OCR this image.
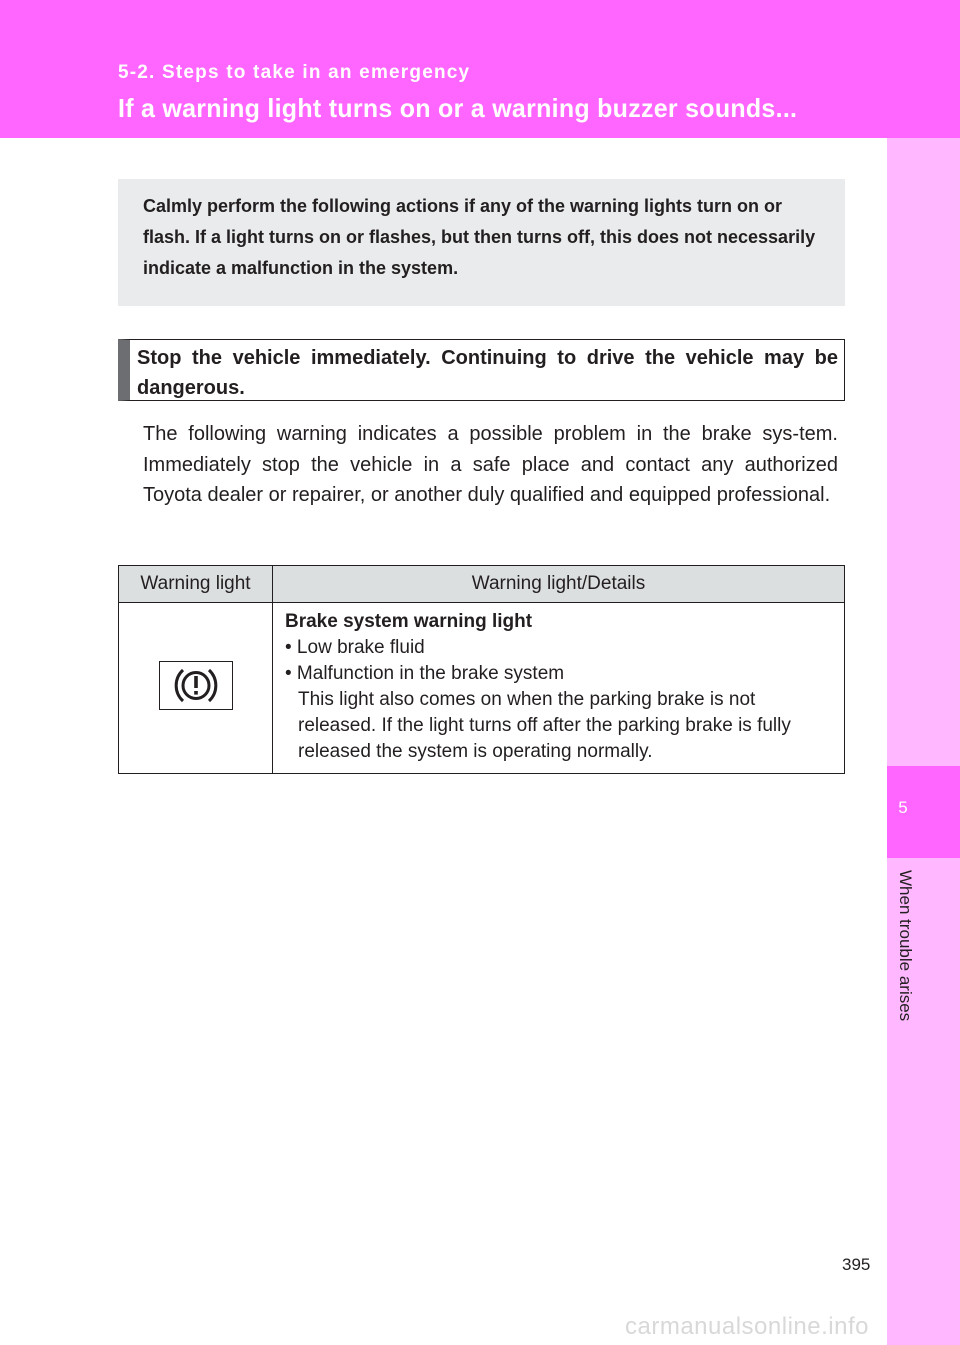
5-2. Steps to take in an emergency
If a warning light turns on or a warning buzzer sounds...
5
When trouble arises

Calmly perform the following actions if any of the warning lights turn on or flash. If a light turns on or flashes, but then turns off, this does not necessarily indicate a malfunction in the system.

Stop the vehicle immediately. Continuing to drive the vehicle may be dangerous.

The following warning indicates a possible problem in the brake sys-tem. Immediately stop the vehicle in a safe place and contact any authorized Toyota dealer or repairer, or another duly qualified and equipped professional.

Warning light	Warning light/Details

Brake system warning light
• Low brake fluid
• Malfunction in the brake system
This light also comes on when the parking brake is not released. If the light turns off after the parking brake is fully released the system is operating normally.
395
carmanualsonline.info
